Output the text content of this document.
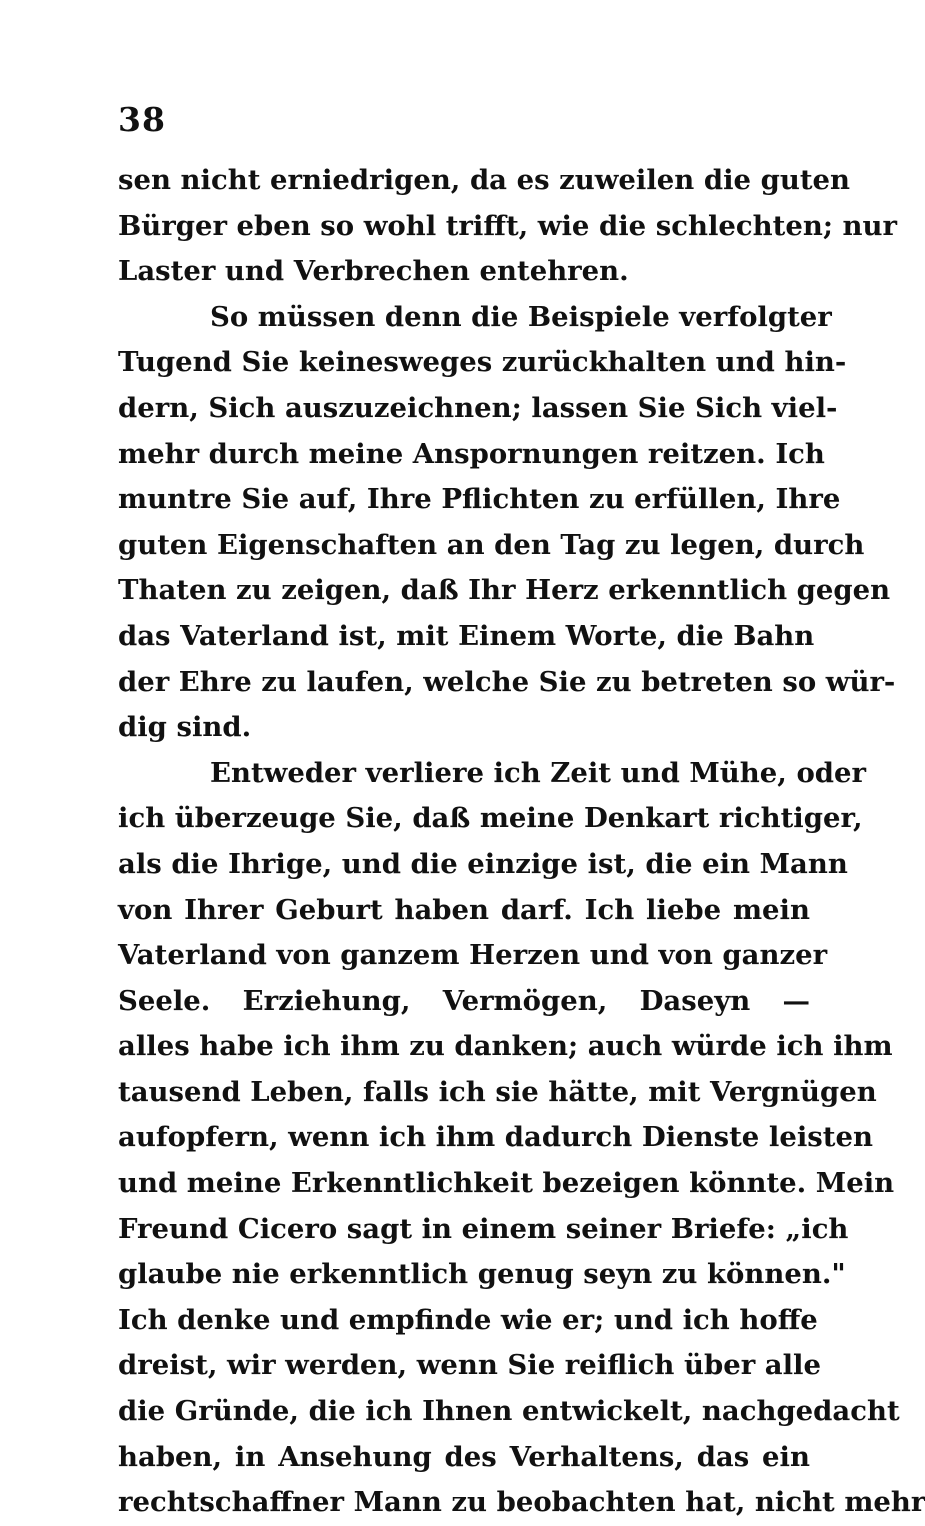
38
sen nicht erniedrigen, da es zuweilen die guten
Bürger eben so wohl trifft, wie die schlechten; nur
Laster und Verbrechen entehren.
So müssen denn die Beispiele verfolgter
Tugend Sie keinesweges zurückhalten und hin-
dern, Sich auszuzeichnen; lassen Sie Sich viel-
mehr durch meine Anspornungen reitzen. Ich
muntre Sie auf, Ihre Pflichten zu erfüllen, Ihre
guten Eigenschaften an den Tag zu legen, durch
Thaten zu zeigen, daß Ihr Herz erkenntlich gegen
das Vaterland ist, mit Einem Worte, die Bahn
der Ehre zu laufen, welche Sie zu betreten so wür-
dig sind.
Entweder verliere ich Zeit und Mühe, oder
ich überzeuge Sie, daß meine Denkart richtiger,
als die Ihrige, und die einzige ist, die ein Mann
von Ihrer Geburt haben darf. Ich liebe mein
Vaterland von ganzem Herzen und von ganzer
Seele. Erziehung, Vermögen, Daseyn —
alles habe ich ihm zu danken; auch würde ich ihm
tausend Leben, falls ich sie hätte, mit Vergnügen
aufopfern, wenn ich ihm dadurch Dienste leisten
und meine Erkenntlichkeit bezeigen könnte. Mein
Freund Cicero sagt in einem seiner Briefe: „ich
glaube nie erkenntlich genug seyn zu können."
Ich denke und empfinde wie er; und ich hoffe
dreist, wir werden, wenn Sie reiflich über alle
die Gründe, die ich Ihnen entwickelt, nachgedacht
haben, in Ansehung des Verhaltens, das ein
rechtschaffner Mann zu beobachten hat, nicht mehr
